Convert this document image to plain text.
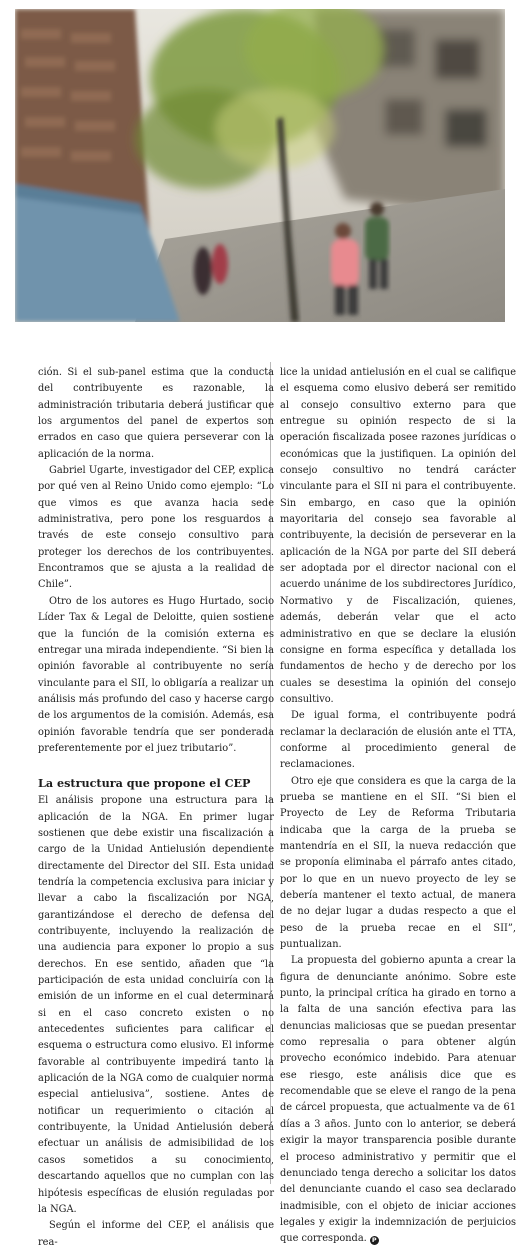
ción. Si el sub-panel estima que la conducta del contribuyente es razonable, la administración tributaria deberá justificar que los argumentos del panel de expertos son errados en caso que quiera perseverar con la aplicación de la norma.

Gabriel Ugarte, investigador del CEP, explica por qué ven al Reino Unido como ejemplo: “Lo que vimos es que avanza hacia sede administrativa, pero pone los resguardos a través de este consejo consultivo para proteger los derechos de los contribuyentes. Encontramos que se ajusta a la realidad de Chile”.

Otro de los autores es Hugo Hurtado, socio Líder Tax & Legal de Deloitte, quien sostiene que la función de la comisión externa es entregar una mirada independiente. “Si bien la opinión favorable al contribuyente no sería vinculante para el SII, lo obligaría a realizar un análisis más profundo del caso y hacerse cargo de los argumentos de la comisión. Además, esa opinión favorable tendría que ser ponderada preferentemente por el juez tributario”.

La estructura que propone el CEP

El análisis propone una estructura para la aplicación de la NGA. En primer lugar sostienen que debe existir una fiscalización a cargo de la Unidad Antielusión dependiente directamente del Director del SII. Esta unidad tendría la competencia exclusiva para iniciar y llevar a cabo la fiscalización por NGA, garantizándose el derecho de defensa del contribuyente, incluyendo la realización de una audiencia para exponer lo propio a sus derechos. En ese sentido, añaden que “la participación de esta unidad concluiría con la emisión de un informe en el cual determinará si en el caso concreto existen o no antecedentes suficientes para calificar el esquema o estructura como elusivo. El informe favorable al contribuyente impedirá tanto la aplicación de la NGA como de cualquier norma especial antielusiva”, sostiene. Antes de notificar un requerimiento o citación al contribuyente, la Unidad Antielusión deberá efectuar un análisis de admisibilidad de los casos sometidos a su conocimiento, descartando aquellos que no cumplan con las hipótesis específicas de elusión reguladas por la NGA.

Según el informe del CEP, el análisis que rea-

lice la unidad antielusión en el cual se califique el esquema como elusivo deberá ser remitido al consejo consultivo externo para que entregue su opinión respecto de si la operación fiscalizada posee razones jurídicas o económicas que la justifiquen. La opinión del consejo consultivo no tendrá carácter vinculante para el SII ni para el contribuyente. Sin embargo, en caso que la opinión mayoritaria del consejo sea favorable al contribuyente, la decisión de perseverar en la aplicación de la NGA por parte del SII deberá ser adoptada por el director nacional con el acuerdo unánime de los subdirectores Jurídico, Normativo y de Fiscalización, quienes, además, deberán velar que el acto administrativo en que se declare la elusión consigne en forma específica y detallada los fundamentos de hecho y de derecho por los cuales se desestima la opinión del consejo consultivo.

De igual forma, el contribuyente podrá reclamar la declaración de elusión ante el TTA, conforme al procedimiento general de reclamaciones.

Otro eje que considera es que la carga de la prueba se mantiene en el SII. “Si bien el Proyecto de Ley de Reforma Tributaria indicaba que la carga de la prueba se mantendría en el SII, la nueva redacción que se proponía eliminaba el párrafo antes citado, por lo que en un nuevo proyecto de ley se debería mantener el texto actual, de manera de no dejar lugar a dudas respecto a que el peso de la prueba recae en el SII”, puntualizan.

La propuesta del gobierno apunta a crear la figura de denunciante anónimo. Sobre este punto, la principal crítica ha girado en torno a la falta de una sanción efectiva para las denuncias maliciosas que se puedan presentar como represalia o para obtener algún provecho económico indebido. Para atenuar ese riesgo, este análisis dice que es recomendable que se eleve el rango de la pena de cárcel propuesta, que actualmente va de 61 días a 3 años. Junto con lo anterior, se deberá exigir la mayor transparencia posible durante el proceso administrativo y permitir que el denunciado tenga derecho a solicitar los datos del denunciante cuando el caso sea declarado inadmisible, con el objeto de iniciar acciones legales y exigir la indemnización de perjuicios que corresponda. P
